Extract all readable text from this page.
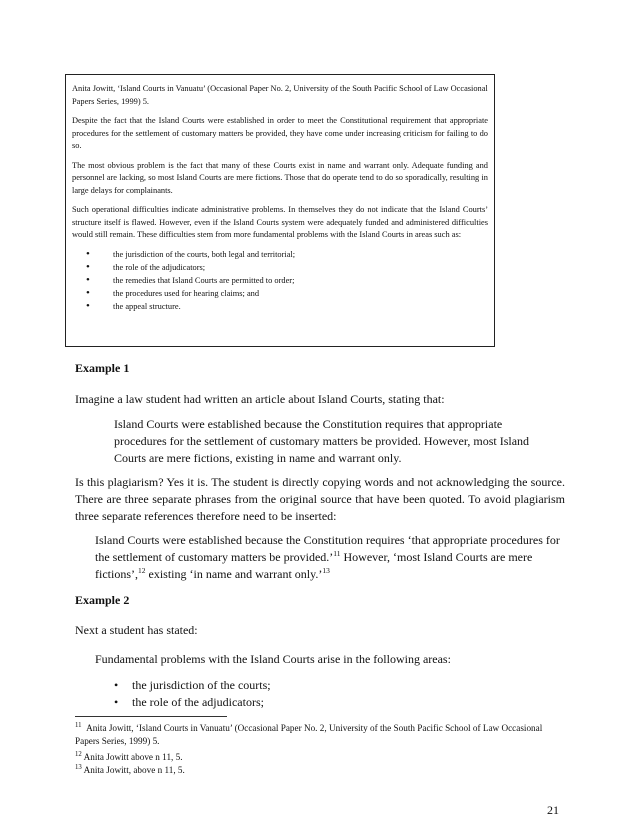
Anita Jowitt, ‘Island Courts in Vanuatu’ (Occasional Paper No. 2, University of the South Pacific School of Law Occasional Papers Series, 1999) 5.

Despite the fact that the Island Courts were established in order to meet the Constitutional requirement that appropriate procedures for the settlement of customary matters be provided, they have come under increasing criticism for failing to do so.

The most obvious problem is the fact that many of these Courts exist in name and warrant only. Adequate funding and personnel are lacking, so most Island Courts are mere fictions. Those that do operate tend to do so sporadically, resulting in large delays for complainants.

Such operational difficulties indicate administrative problems. In themselves they do not indicate that the Island Courts’ structure itself is flawed. However, even if the Island Courts system were adequately funded and administered difficulties would still remain. These difficulties stem from more fundamental problems with the Island Courts in areas such as:

• the jurisdiction of the courts, both legal and territorial;
• the role of the adjudicators;
• the remedies that Island Courts are permitted to order;
• the procedures used for hearing claims; and
• the appeal structure.
Example 1
Imagine a law student had written an article about Island Courts, stating that:

Island Courts were established because the Constitution requires that appropriate procedures for the settlement of customary matters be provided. However, most Island Courts are mere fictions, existing in name and warrant only.

Is this plagiarism? Yes it is. The student is directly copying words and not acknowledging the source. There are three separate phrases from the original source that have been quoted. To avoid plagiarism three separate references therefore need to be inserted:

Island Courts were established because the Constitution requires ‘that appropriate procedures for the settlement of customary matters be provided.’$^{11}$ However, ‘most Island Courts are mere fictions’,$^{12}$ existing ‘in name and warrant only.’$^{13}$

Example 2
Next a student has stated:

Fundamental problems with the Island Courts arise in the following areas:

• the jurisdiction of the courts;
• the role of the adjudicators;
$^{11}$ Anita Jowitt, ‘Island Courts in Vanuatu’ (Occasional Paper No. 2, University of the South Pacific School of Law Occasional Papers Series, 1999) 5.
$^{12}$ Anita Jowitt above n 11, 5.
$^{13}$ Anita Jowitt, above n 11, 5.
21
